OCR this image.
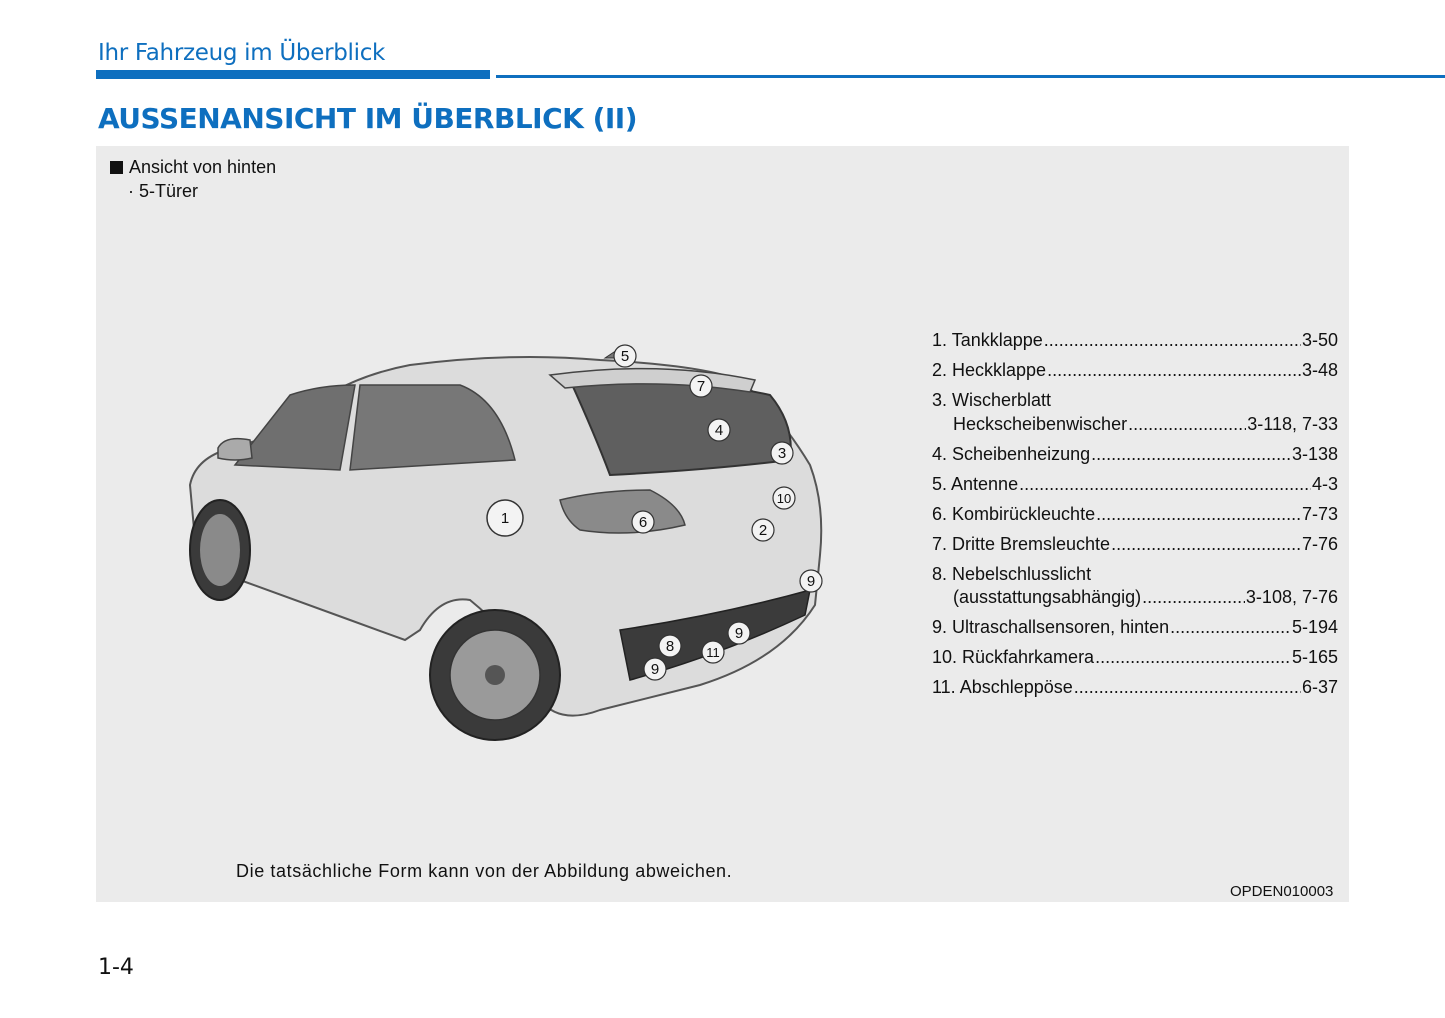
Ihr Fahrzeug im Überblick
AUSSENANSICHT IM ÜBERBLICK (II)
Ansicht von hinten
· 5-Türer
1
2
3
4
5
6
7
8
9
9
9
10
11
1. Tankklappe .....	3-50
2. Heckklappe .....	3-48
3. Wischerblatt
Heckscheibenwischer .....	3-118, 7-33
4. Scheibenheizung .....	3-138
5. Antenne .....	4-3
6. Kombirückleuchte .....	7-73
7. Dritte Bremsleuchte .....	7-76
8. Nebelschlusslicht
(ausstattungsabhängig) .....	3-108, 7-76
9. Ultraschallsensoren, hinten .....	5-194
10. Rückfahrkamera .....	5-165
11. Abschleppöse .....	6-37
Die tatsächliche Form kann von der Abbildung abweichen.
OPDEN010003
1-4
